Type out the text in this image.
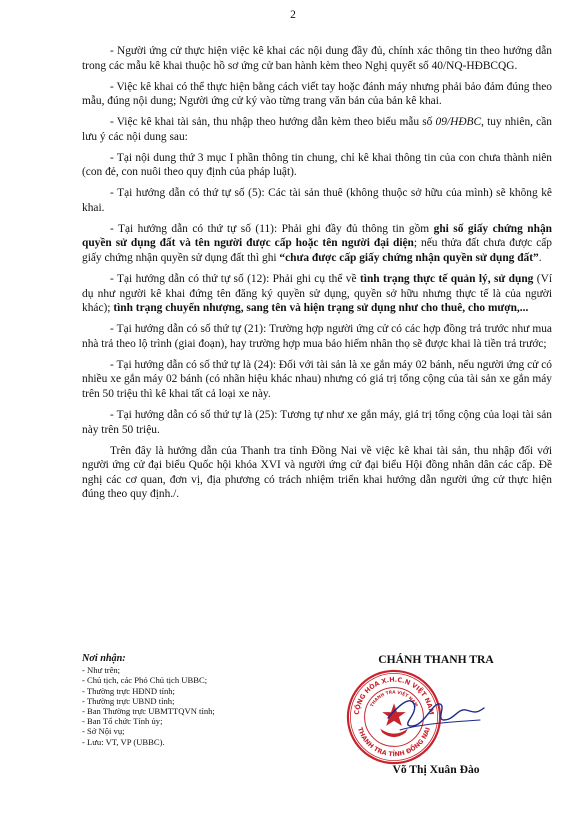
2

- Người ứng cử thực hiện việc kê khai các nội dung đầy đủ, chính xác thông tin theo hướng dẫn trong các mẫu kê khai thuộc hồ sơ ứng cử ban hành kèm theo Nghị quyết số 40/NQ-HĐBCQG.

- Việc kê khai có thể thực hiện bằng cách viết tay hoặc đánh máy nhưng phải bảo đảm đúng theo mẫu, đúng nội dung; Người ứng cử ký vào từng trang văn bản của bản kê khai.

- Việc kê khai tài sản, thu nhập theo hướng dẫn kèm theo biểu mẫu số 09/HĐBC, tuy nhiên, cần lưu ý các nội dung sau:

- Tại nội dung thứ 3 mục I phần thông tin chung, chỉ kê khai thông tin của con chưa thành niên (con đẻ, con nuôi theo quy định của pháp luật).

- Tại hướng dẫn có thứ tự số (5): Các tài sản thuê (không thuộc sở hữu của mình) sẽ không kê khai.

- Tại hướng dẫn có thứ tự số (11): Phải ghi đầy đủ thông tin gồm ghi số giấy chứng nhận quyền sử dụng đất và tên người được cấp hoặc tên người đại diện; nếu thửa đất chưa được cấp giấy chứng nhận quyền sử dụng đất thì ghi “chưa được cấp giấy chứng nhận quyền sử dụng đất”.

- Tại hướng dẫn có thứ tự số (12): Phải ghi cụ thể về tình trạng thực tế quản lý, sử dụng (Ví dụ như người kê khai đứng tên đăng ký quyền sử dụng, quyền sở hữu nhưng thực tế là của người khác); tình trạng chuyển nhượng, sang tên và hiện trạng sử dụng như cho thuê, cho mượn,...

- Tại hướng dẫn có số thứ tự (21): Trường hợp người ứng cử có các hợp đồng trả trước như mua nhà trả theo lộ trình (giai đoạn), hay trường hợp mua bảo hiểm nhân thọ sẽ được khai là tiền trả trước;

- Tại hướng dẫn có số thứ tự là (24): Đối với tài sản là xe gắn máy 02 bánh, nếu người ứng cử có nhiều xe gắn máy 02 bánh (có nhãn hiệu khác nhau) nhưng có giá trị tổng cộng của tài sản xe gắn máy trên 50 triệu thì kê khai tất cả loại xe này.

- Tại hướng dẫn có số thứ tự là (25): Tương tự như xe gắn máy, giá trị tổng cộng của loại tài sản này trên 50 triệu.

Trên đây là hướng dẫn của Thanh tra tỉnh Đồng Nai về việc kê khai tài sản, thu nhập đối với người ứng cử đại biểu Quốc hội khóa XVI và người ứng cử đại biểu Hội đồng nhân dân các cấp. Đề nghị các cơ quan, đơn vị, địa phương có trách nhiệm triển khai hướng dẫn người ứng cử thực hiện đúng theo quy định./.

Nơi nhận:
- Như trên;
- Chủ tịch, các Phó Chủ tịch UBBC;
- Thường trực HĐND tỉnh;
- Thường trực UBND tỉnh;
- Ban Thường trực UBMTTQVN tỉnh;
- Ban Tổ chức Tỉnh ủy;
- Sở Nội vụ;
- Lưu: VT, VP (UBBC).
CHÁNH THANH TRA
CỘNG HÒA X.H.C.N VIỆT NAM
THANH TRA TỈNH ĐỒNG NAI
THANH TRA VIỆT NAM
Võ Thị Xuân Đào
